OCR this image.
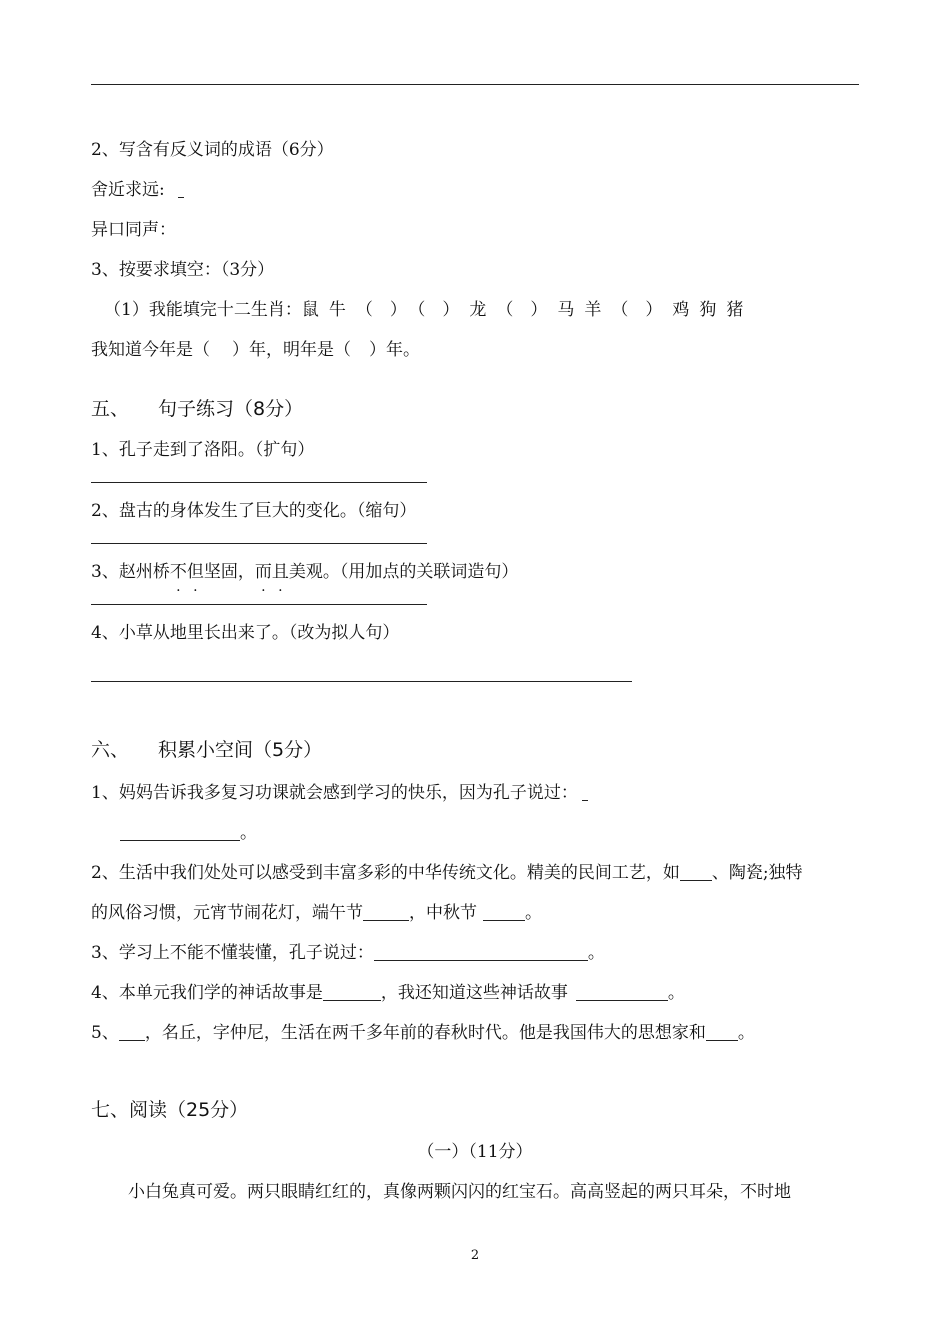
2、写含有反义词的成语（6分）
舍近求远:
异口同声：
3、按要求填空：（3分）
（1）我能填完十二生肖：鼠 牛 （　） （　） 龙 （　） 马 羊 （　） 鸡 狗 猪
我知道今年是（ ）年，明年是（ ）年。
五、 句子练习（8分）
1、孔子走到了洛阳。（扩句）
2、盘古的身体发生了巨大的变化。（缩句）
3、赵州桥不但坚固，而且美观。（用加点的关联词造句）
4、小草从地里长出来了。（改为拟人句）
六、 积累小空间（5分）
1、妈妈告诉我多复习功课就会感到学习的快乐，因为孔子说过：
。
2、生活中我们处处可以感受到丰富多彩的中华传统文化。精美的民间工艺，如 、陶瓷;独特
的风俗习惯，元宵节闹花灯，端午节	，中秋节	。
3、学习上不能不懂装懂，孔子说过：	。
4、本单元我们学的神话故事是	，我还知道这些神话故事	。
5、 ，名丘，字仲尼，生活在两千多年前的春秋时代。他是我国伟大的思想家和 。
七、阅读（25分）
（一）（11分）
小白兔真可爱。两只眼睛红红的，真像两颗闪闪的红宝石。高高竖起的两只耳朵，不时地
2
